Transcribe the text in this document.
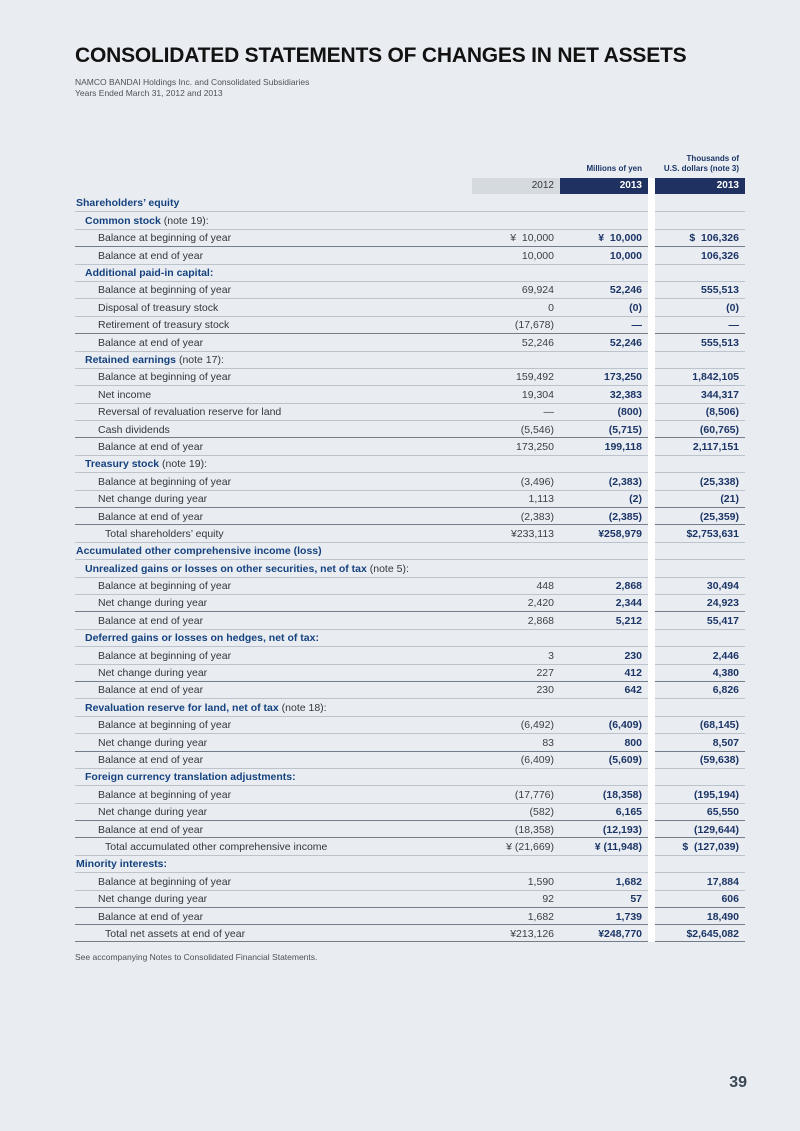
CONSOLIDATED STATEMENTS OF CHANGES IN NET ASSETS
NAMCO BANDAI Holdings Inc. and Consolidated Subsidiaries
Years Ended March 31, 2012 and 2013
Millions of yen
Thousands of
U.S. dollars (note 3)
2012	2013	2013
Shareholders’ equity
Common stock (note 19):
Balance at beginning of year	¥  10,000	¥  10,000	$  106,326
Balance at end of year	10,000	10,000	106,326
Additional paid-in capital:
Balance at beginning of year	69,924	52,246	555,513
Disposal of treasury stock	0	(0)	(0)
Retirement of treasury stock	(17,678)	—	—
Balance at end of year	52,246	52,246	555,513
Retained earnings (note 17):
Balance at beginning of year	159,492	173,250	1,842,105
Net income	19,304	32,383	344,317
Reversal of revaluation reserve for land	—	(800)	(8,506)
Cash dividends	(5,546)	(5,715)	(60,765)
Balance at end of year	173,250	199,118	2,117,151
Treasury stock (note 19):
Balance at beginning of year	(3,496)	(2,383)	(25,338)
Net change during year	1,113	(2)	(21)
Balance at end of year	(2,383)	(2,385)	(25,359)
Total shareholders’ equity	¥233,113	¥258,979	$2,753,631
Accumulated other comprehensive income (loss)
Unrealized gains or losses on other securities, net of tax (note 5):
Balance at beginning of year	448	2,868	30,494
Net change during year	2,420	2,344	24,923
Balance at end of year	2,868	5,212	55,417
Deferred gains or losses on hedges, net of tax:
Balance at beginning of year	3	230	2,446
Net change during year	227	412	4,380
Balance at end of year	230	642	6,826
Revaluation reserve for land, net of tax (note 18):
Balance at beginning of year	(6,492)	(6,409)	(68,145)
Net change during year	83	800	8,507
Balance at end of year	(6,409)	(5,609)	(59,638)
Foreign currency translation adjustments:
Balance at beginning of year	(17,776)	(18,358)	(195,194)
Net change during year	(582)	6,165	65,550
Balance at end of year	(18,358)	(12,193)	(129,644)
Total accumulated other comprehensive income	¥ (21,669)	¥ (11,948)	$  (127,039)
Minority interests:
Balance at beginning of year	1,590	1,682	17,884
Net change during year	92	57	606
Balance at end of year	1,682	1,739	18,490
Total net assets at end of year	¥213,126	¥248,770	$2,645,082
See accompanying Notes to Consolidated Financial Statements.
39
